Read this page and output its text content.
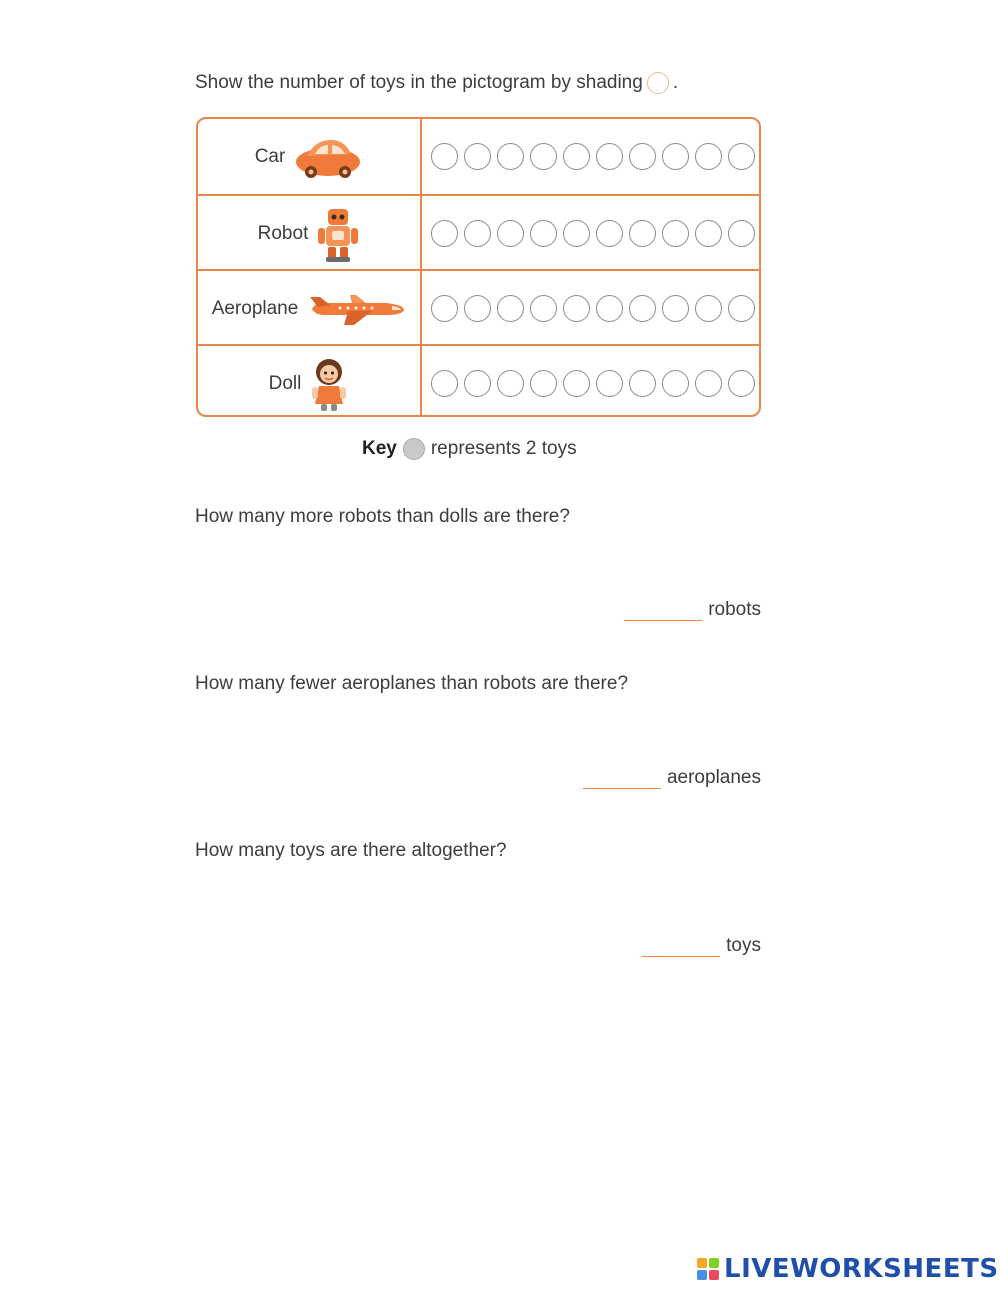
Show the number of toys in the pictogram by shading .
Car
Robot
Aeroplane
Doll
Key represents 2 toys
How many more robots than dolls are there?
robots
How many fewer aeroplanes than robots are there?
aeroplanes
How many toys are there altogether?
toys
LIVEWORKSHEETS
